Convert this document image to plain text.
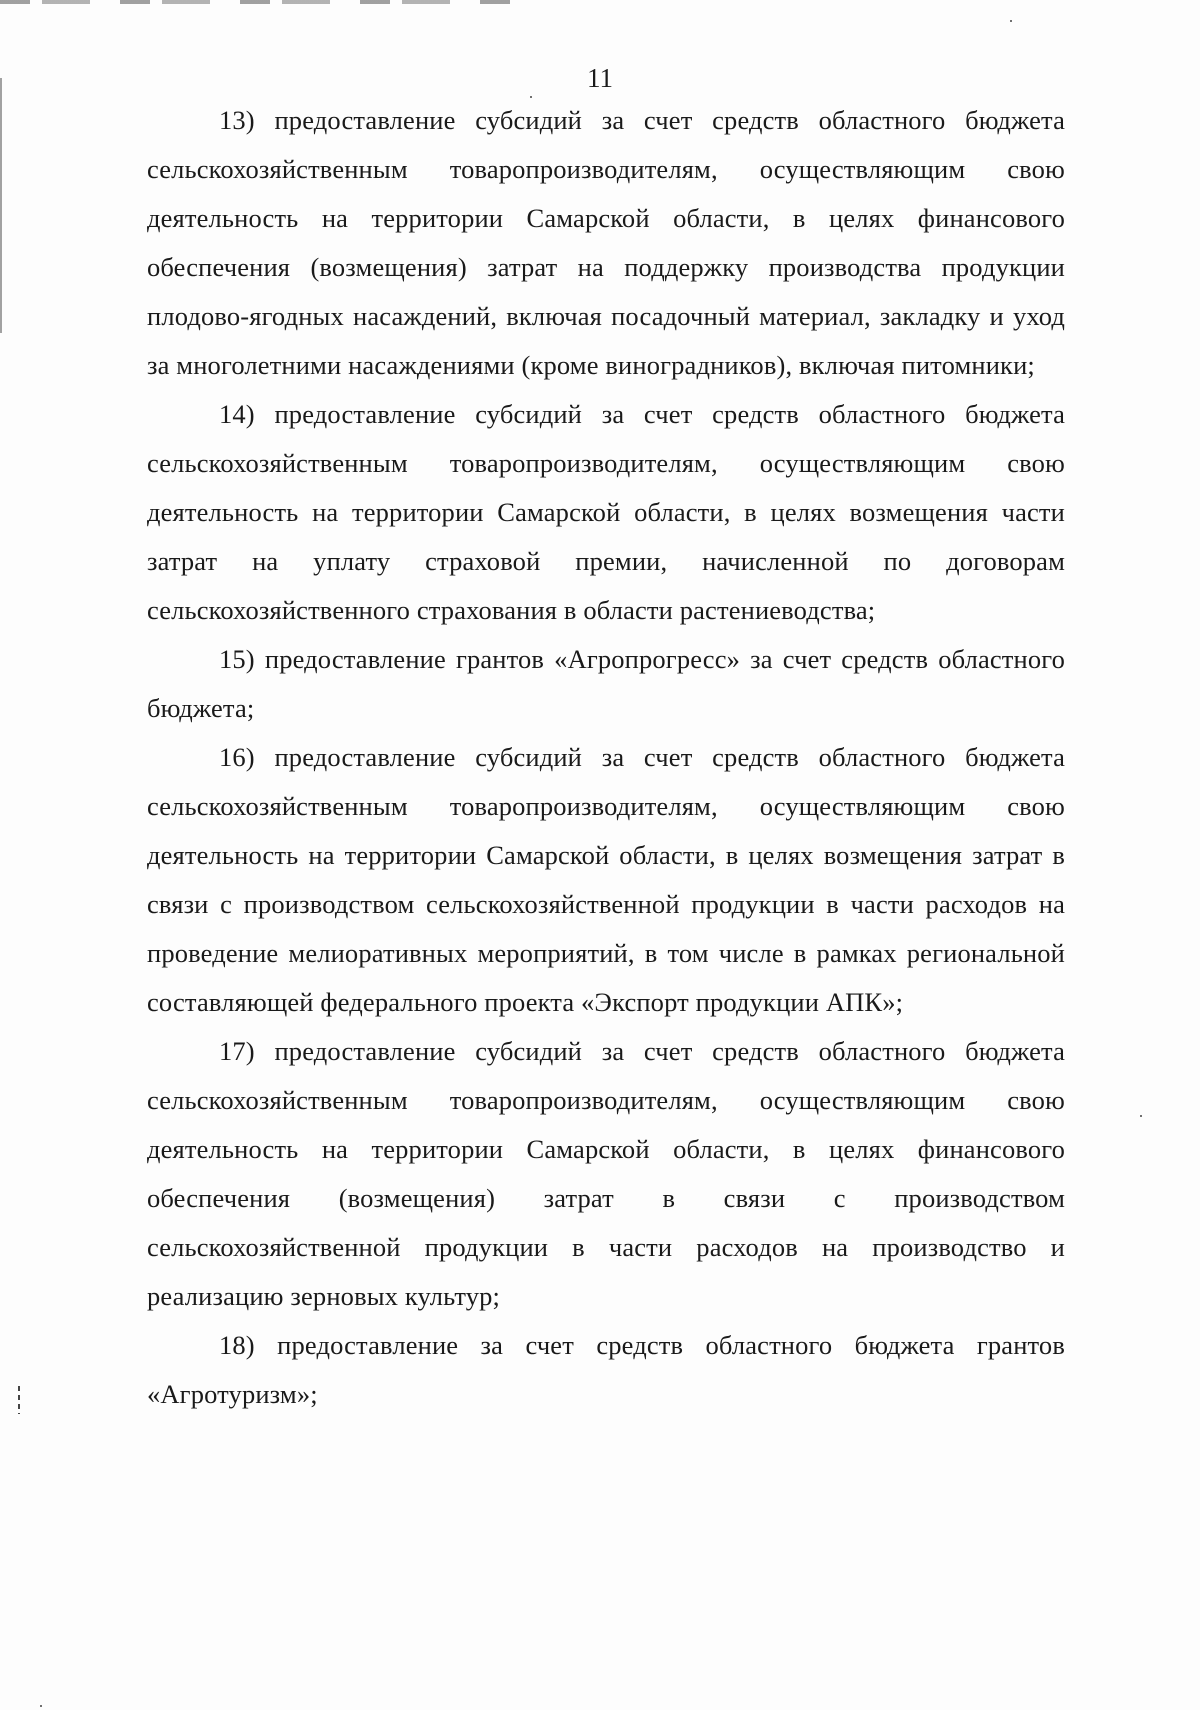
11

13) предоставление субсидий за счет средств областного бюджета сельскохозяйственным товаропроизводителям, осуществляющим свою деятельность на территории Самарской области, в целях финансового обеспечения (возмещения) затрат на поддержку производства продукции плодово-ягодных насаждений, включая посадочный материал, закладку и уход за многолетними насаждениями (кроме виноградников), включая питомники;

14) предоставление субсидий за счет средств областного бюджета сельскохозяйственным товаропроизводителям, осуществляющим свою деятельность на территории Самарской области, в целях возмещения части затрат на уплату страховой премии, начисленной по договорам сельскохозяйственного страхования в области растениеводства;

15) предоставление грантов «Агропрогресс» за счет средств областного бюджета;

16) предоставление субсидий за счет средств областного бюджета сельскохозяйственным товаропроизводителям, осуществляющим свою деятельность на территории Самарской области, в целях возмещения затрат в связи с производством сельскохозяйственной продукции в части расходов на проведение мелиоративных мероприятий, в том числе в рамках региональной составляющей федерального проекта «Экспорт продукции АПК»;

17) предоставление субсидий за счет средств областного бюджета сельскохозяйственным товаропроизводителям, осуществляющим свою деятельность на территории Самарской области, в целях финансового обеспечения (возмещения) затрат в связи с производством сельскохозяйственной продукции в части расходов на производство и реализацию зерновых культур;

18) предоставление за счет средств областного бюджета грантов «Агротуризм»;
